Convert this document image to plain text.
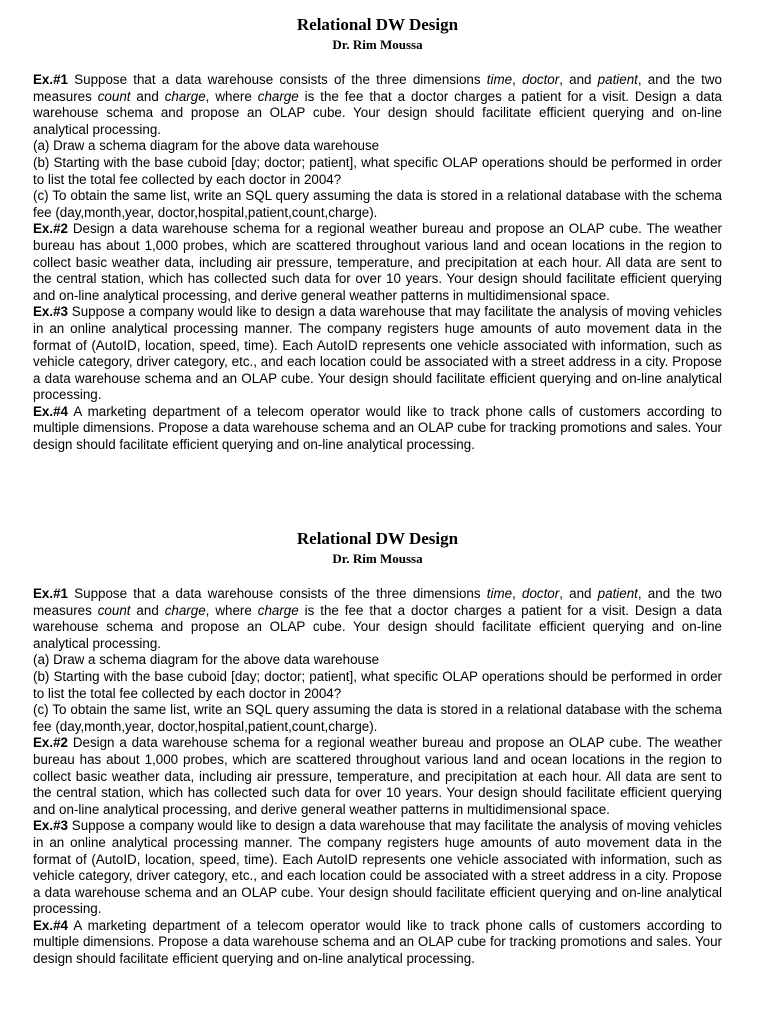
Relational DW Design
Dr. Rim Moussa

Ex.#1 Suppose that a data warehouse consists of the three dimensions time, doctor, and patient, and the two measures count and charge, where charge is the fee that a doctor charges a patient for a visit. Design a data warehouse schema and propose an OLAP cube. Your design should facilitate efficient querying and on-line analytical processing.

(a) Draw a schema diagram for the above data warehouse

(b) Starting with the base cuboid [day; doctor; patient], what specific OLAP operations should be performed in order to list the total fee collected by each doctor in 2004?

(c) To obtain the same list, write an SQL query assuming the data is stored in a relational database with the schema fee (day,month,year, doctor,hospital,patient,count,charge).

Ex.#2 Design a data warehouse schema for a regional weather bureau and propose an OLAP cube. The weather bureau has about 1,000 probes, which are scattered throughout various land and ocean locations in the region to collect basic weather data, including air pressure, temperature, and precipitation at each hour. All data are sent to the central station, which has collected such data for over 10 years. Your design should facilitate efficient querying and on-line analytical processing, and derive general weather patterns in multidimensional space.

Ex.#3 Suppose a company would like to design a data warehouse that may facilitate the analysis of moving vehicles in an online analytical processing manner. The company registers huge amounts of auto movement data in the format of (AutoID, location, speed, time). Each AutoID represents one vehicle associated with information, such as vehicle category, driver category, etc., and each location could be associated with a street address in a city. Propose a data warehouse schema and an OLAP cube. Your design should facilitate efficient querying and on-line analytical processing.

Ex.#4 A marketing department of a telecom operator would like to track phone calls of customers according to multiple dimensions. Propose a data warehouse schema and an OLAP cube for tracking promotions and sales. Your design should facilitate efficient querying and on-line analytical processing.

Relational DW Design
Dr. Rim Moussa

Ex.#1 Suppose that a data warehouse consists of the three dimensions time, doctor, and patient, and the two measures count and charge, where charge is the fee that a doctor charges a patient for a visit. Design a data warehouse schema and propose an OLAP cube. Your design should facilitate efficient querying and on-line analytical processing.

(a) Draw a schema diagram for the above data warehouse

(b) Starting with the base cuboid [day; doctor; patient], what specific OLAP operations should be performed in order to list the total fee collected by each doctor in 2004?

(c) To obtain the same list, write an SQL query assuming the data is stored in a relational database with the schema fee (day,month,year, doctor,hospital,patient,count,charge).

Ex.#2 Design a data warehouse schema for a regional weather bureau and propose an OLAP cube. The weather bureau has about 1,000 probes, which are scattered throughout various land and ocean locations in the region to collect basic weather data, including air pressure, temperature, and precipitation at each hour. All data are sent to the central station, which has collected such data for over 10 years. Your design should facilitate efficient querying and on-line analytical processing, and derive general weather patterns in multidimensional space.

Ex.#3 Suppose a company would like to design a data warehouse that may facilitate the analysis of moving vehicles in an online analytical processing manner. The company registers huge amounts of auto movement data in the format of (AutoID, location, speed, time). Each AutoID represents one vehicle associated with information, such as vehicle category, driver category, etc., and each location could be associated with a street address in a city. Propose a data warehouse schema and an OLAP cube. Your design should facilitate efficient querying and on-line analytical processing.

Ex.#4 A marketing department of a telecom operator would like to track phone calls of customers according to multiple dimensions. Propose a data warehouse schema and an OLAP cube for tracking promotions and sales. Your design should facilitate efficient querying and on-line analytical processing.
